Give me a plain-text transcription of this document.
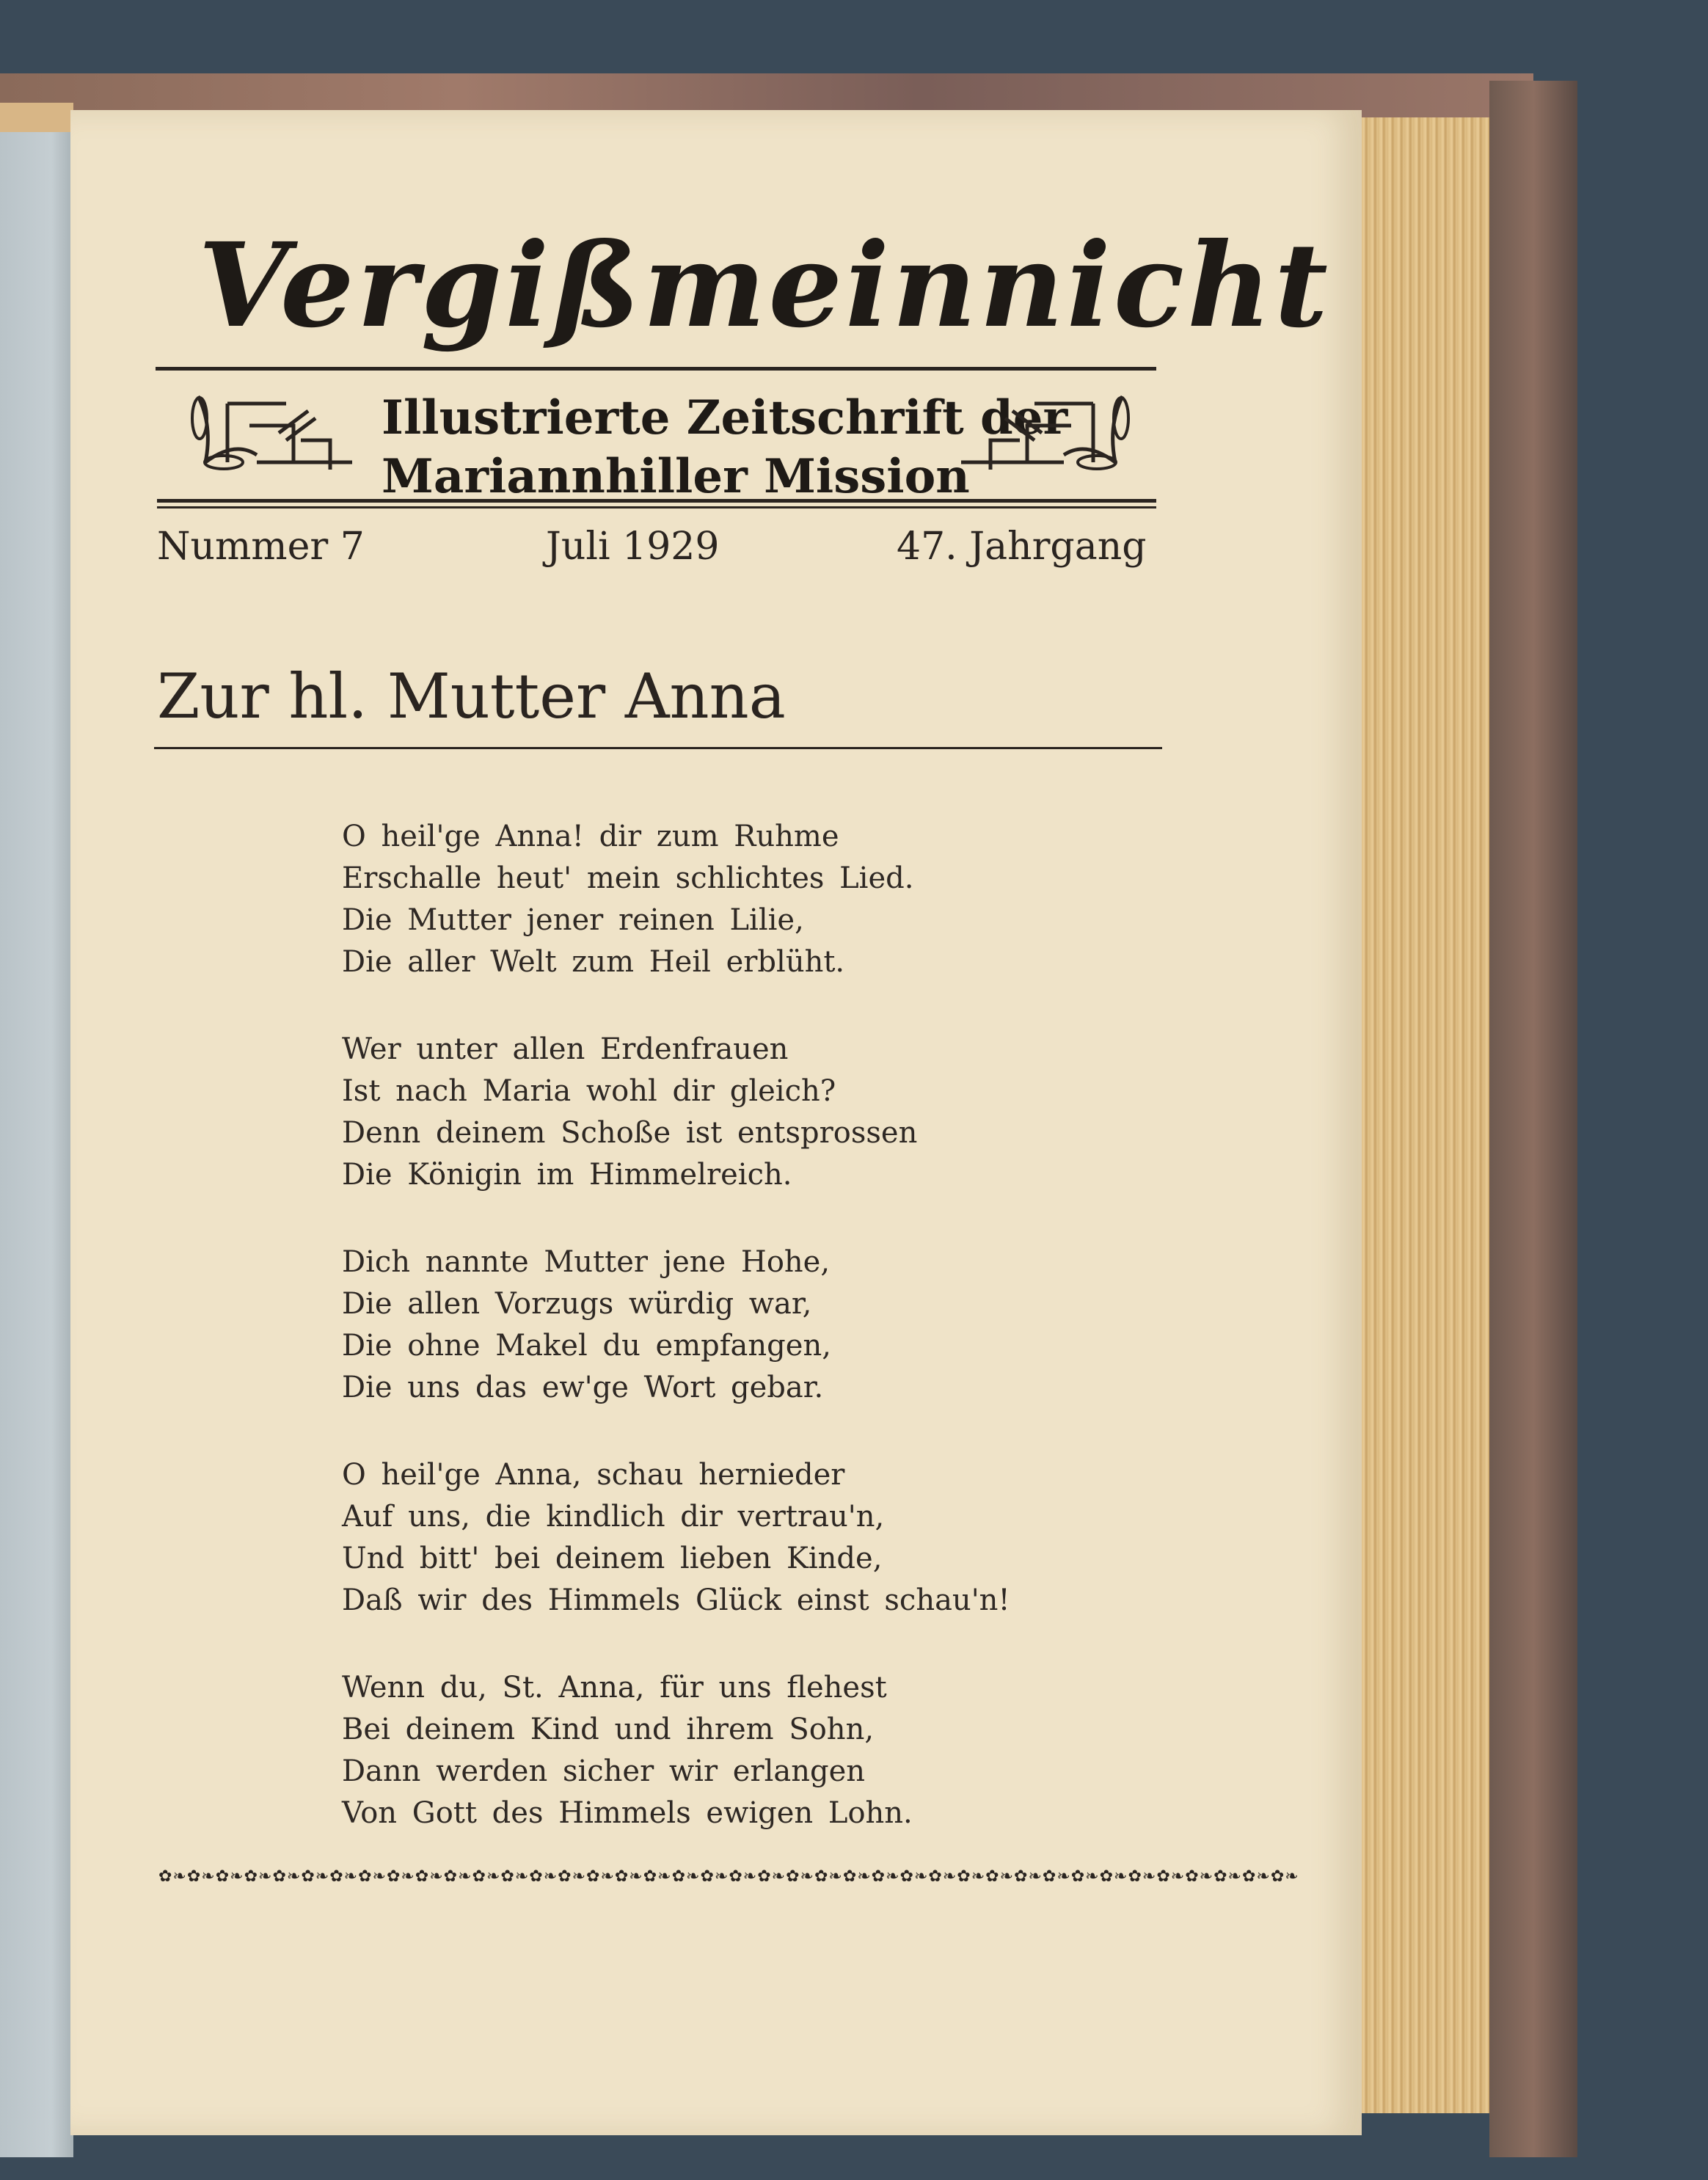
Vergißmeinnicht
Illustrierte Zeitschrift der
Mariannhiller Mission
Nummer 7	Juli 1929	47. Jahrgang
Zur hl. Mutter Anna
O heil'ge Anna! dir zum Ruhme
Erschalle heut' mein schlichtes Lied.
Die Mutter jener reinen Lilie,
Die aller Welt zum Heil erblüht.
Wer unter allen Erdenfrauen
Ist nach Maria wohl dir gleich?
Denn deinem Schoße ist entsprossen
Die Königin im Himmelreich.
Dich nannte Mutter jene Hohe,
Die allen Vorzugs würdig war,
Die ohne Makel du empfangen,
Die uns das ew'ge Wort gebar.
O heil'ge Anna, schau hernieder
Auf uns, die kindlich dir vertrau'n,
Und bitt' bei deinem lieben Kinde,
Daß wir des Himmels Glück einst schau'n!
Wenn du, St. Anna, für uns flehest
Bei deinem Kind und ihrem Sohn,
Dann werden sicher wir erlangen
Von Gott des Himmels ewigen Lohn.
✿❧✿❧✿❧✿❧✿❧✿❧✿❧✿❧✿❧✿❧✿❧✿❧✿❧✿❧✿❧✿❧✿❧✿❧✿❧✿❧✿❧✿❧✿❧✿❧✿❧✿❧✿❧✿❧✿❧✿❧✿❧✿❧✿❧✿❧✿❧✿❧✿❧✿❧✿❧✿❧
